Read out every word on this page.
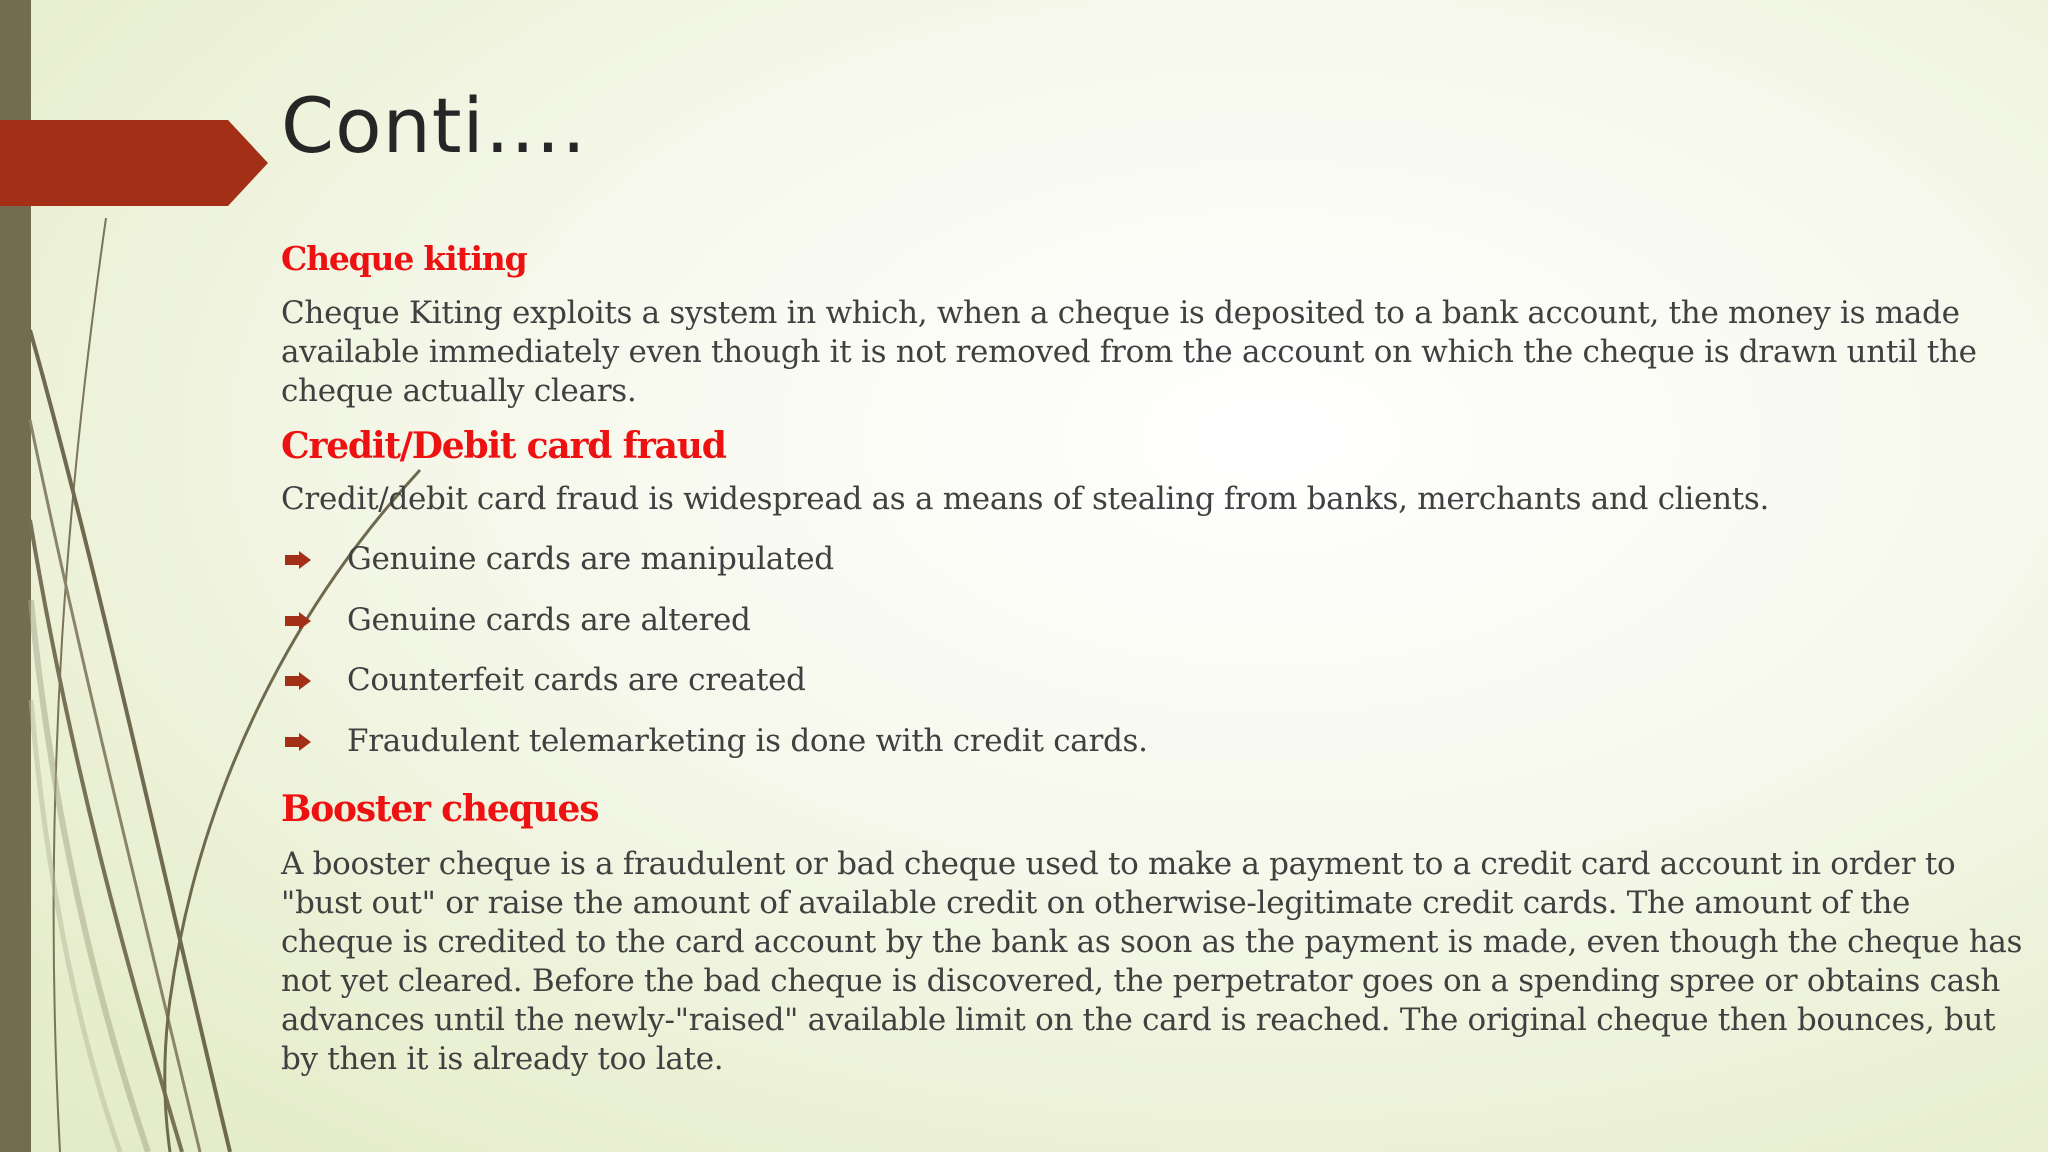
Conti….
Cheque kiting

Cheque Kiting exploits a system in which, when a cheque is deposited to a bank account, the money is made available immediately even though it is not removed from the account on which the cheque is drawn until the cheque actually clears.

Credit/Debit card fraud

Credit/debit card fraud is widespread as a means of stealing from banks, merchants and clients.

Genuine cards are manipulated
Genuine cards are altered
Counterfeit cards are created
Fraudulent telemarketing is done with credit cards.
Booster cheques

A booster cheque is a fraudulent or bad cheque used to make a payment to a credit card account in order to "bust out" or raise the amount of available credit on otherwise-legitimate credit cards. The amount of the cheque is credited to the card account by the bank as soon as the payment is made, even though the cheque has not yet cleared. Before the bad cheque is discovered, the perpetrator goes on a spending spree or obtains cash advances until the newly-"raised" available limit on the card is reached. The original cheque then bounces, but by then it is already too late.
